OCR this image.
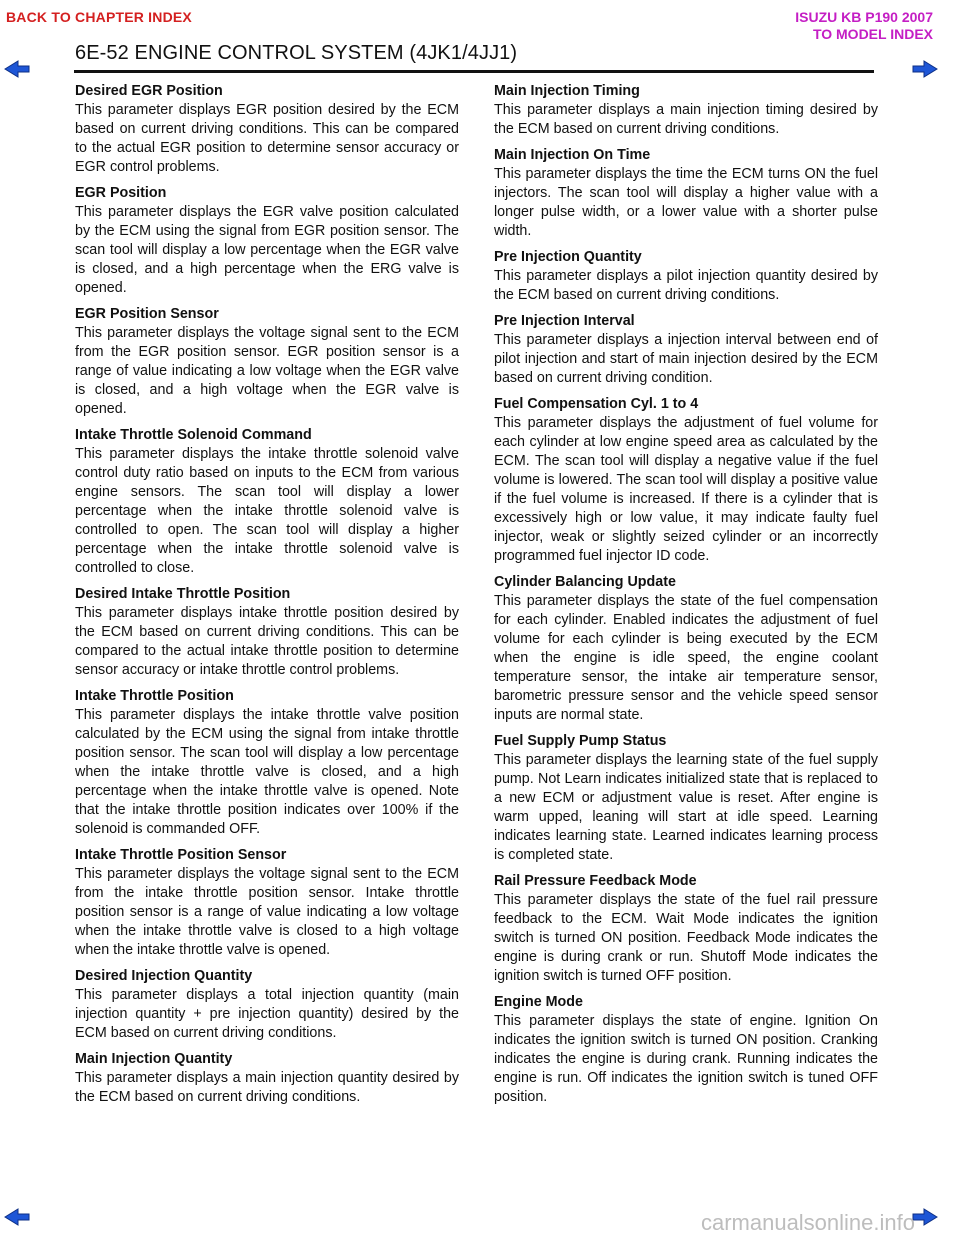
BACK TO CHAPTER INDEX	ISUZU KB P190 2007
TO MODEL INDEX
6E-52 ENGINE CONTROL SYSTEM (4JK1/4JJ1)
Desired EGR Position

This parameter displays EGR position desired by the ECM based on current driving conditions. This can be compared to the actual EGR position to determine sensor accuracy or EGR control problems.

EGR Position

This parameter displays the EGR valve position calculated by the ECM using the signal from EGR position sensor. The scan tool will display a low percentage when the EGR valve is closed, and a high percentage when the ERG valve is opened.

EGR Position Sensor

This parameter displays the voltage signal sent to the ECM from the EGR position sensor. EGR position sensor is a range of value indicating a low voltage when the EGR valve is closed, and a high voltage when the EGR valve is opened.

Intake Throttle Solenoid Command

This parameter displays the intake throttle solenoid valve control duty ratio based on inputs to the ECM from various engine sensors. The scan tool will display a lower percentage when the intake throttle solenoid valve is controlled to open. The scan tool will display a higher percentage when the intake throttle solenoid valve is controlled to close.

Desired Intake Throttle Position

This parameter displays intake throttle position desired by the ECM based on current driving conditions. This can be compared to the actual intake throttle position to determine sensor accuracy or intake throttle control problems.

Intake Throttle Position

This parameter displays the intake throttle valve position calculated by the ECM using the signal from intake throttle position sensor. The scan tool will display a low percentage when the intake throttle valve is closed, and a high percentage when the intake throttle valve is opened. Note that the intake throttle position indicates over 100% if the solenoid is commanded OFF.

Intake Throttle Position Sensor

This parameter displays the voltage signal sent to the ECM from the intake throttle position sensor. Intake throttle position sensor is a range of value indicating a low voltage when the intake throttle valve is closed to a high voltage when the intake throttle valve is opened.

Desired Injection Quantity

This parameter displays a total injection quantity (main injection quantity + pre injection quantity) desired by the ECM based on current driving conditions.

Main Injection Quantity

This parameter displays a main injection quantity desired by the ECM based on current driving conditions.

Main Injection Timing

This parameter displays a main injection timing desired by the ECM based on current driving conditions.

Main Injection On Time

This parameter displays the time the ECM turns ON the fuel injectors. The scan tool will display a higher value with a longer pulse width, or a lower value with a shorter pulse width.

Pre Injection Quantity

This parameter displays a pilot injection quantity desired by the ECM based on current driving conditions.

Pre Injection Interval

This parameter displays a injection interval between end of pilot injection and start of main injection desired by the ECM based on current driving condition.

Fuel Compensation Cyl. 1 to 4

This parameter displays the adjustment of fuel volume for each cylinder at low engine speed area as calculated by the ECM. The scan tool will display a negative value if the fuel volume is lowered. The scan tool will display a positive value if the fuel volume is increased. If there is a cylinder that is excessively high or low value, it may indicate faulty fuel injector, weak or slightly seized cylinder or an incorrectly programmed fuel injector ID code.

Cylinder Balancing Update

This parameter displays the state of the fuel compensation for each cylinder. Enabled indicates the adjustment of fuel volume for each cylinder is being executed by the ECM when the engine is idle speed, the engine coolant temperature sensor, the intake air temperature sensor, barometric pressure sensor and the vehicle speed sensor inputs are normal state.

Fuel Supply Pump Status

This parameter displays the learning state of the fuel supply pump. Not Learn indicates initialized state that is replaced to a new ECM or adjustment value is reset. After engine is warm upped, leaning will start at idle speed. Learning indicates learning state. Learned indicates learning process is completed state.

Rail Pressure Feedback Mode

This parameter displays the state of the fuel rail pressure feedback to the ECM. Wait Mode indicates the ignition switch is turned ON position. Feedback Mode indicates the engine is during crank or run. Shutoff Mode indicates the ignition switch is turned OFF position.

Engine Mode

This parameter displays the state of engine. Ignition On indicates the ignition switch is turned ON position. Cranking indicates the engine is during crank. Running indicates the engine is run. Off indicates the ignition switch is tuned OFF position.

carmanualsonline.info
